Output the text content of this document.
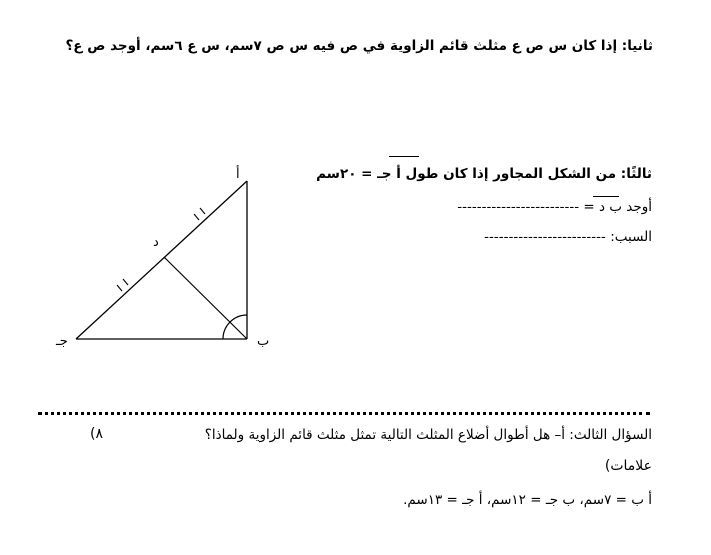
ثانيا: إذا كان س ص ع مثلث قائم الزاوية في ص فيه س ص ٧سم، س ع ٦سم، أوجد ص ع؟
ثالثًا: من الشكل المجاور إذا كان طول أ جـ = ٢٠سم
أوجد ب د = -------------------------
السبب: -------------------------
أ
ب
جـ
د
السؤال الثالث: أ– هل أطوال أضلاع المثلث التالية تمثل مثلث قائم الزاوية ولماذا؟
(٨
علامات)
أ ب = ٧سم، ب جـ = ١٢سم، أ جـ = ١٣سم.
